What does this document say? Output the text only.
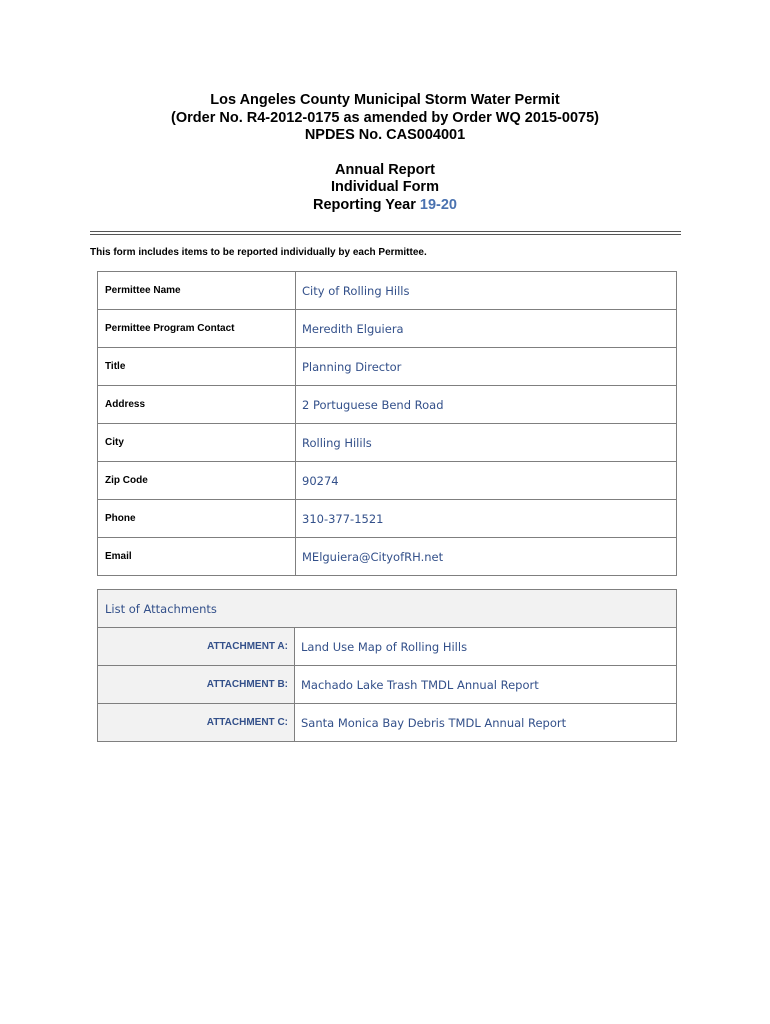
Los Angeles County Municipal Storm Water Permit
(Order No. R4-2012-0175 as amended by Order WQ 2015-0075)
NPDES No. CAS004001
Annual Report
Individual Form
Reporting Year 19-20
This form includes items to be reported individually by each Permittee.
Permittee Name	City of Rolling Hills
Permittee Program Contact	Meredith Elguiera
Title	Planning Director
Address	2 Portuguese Bend Road
City	Rolling Hilils
Zip Code	90274
Phone	310-377-1521
Email	MElguiera@CityofRH.net
List of Attachments	
ATTACHMENT A:	Land Use Map of Rolling Hills
ATTACHMENT B:	Machado Lake Trash TMDL Annual Report
ATTACHMENT C:	Santa Monica Bay Debris TMDL Annual Report
